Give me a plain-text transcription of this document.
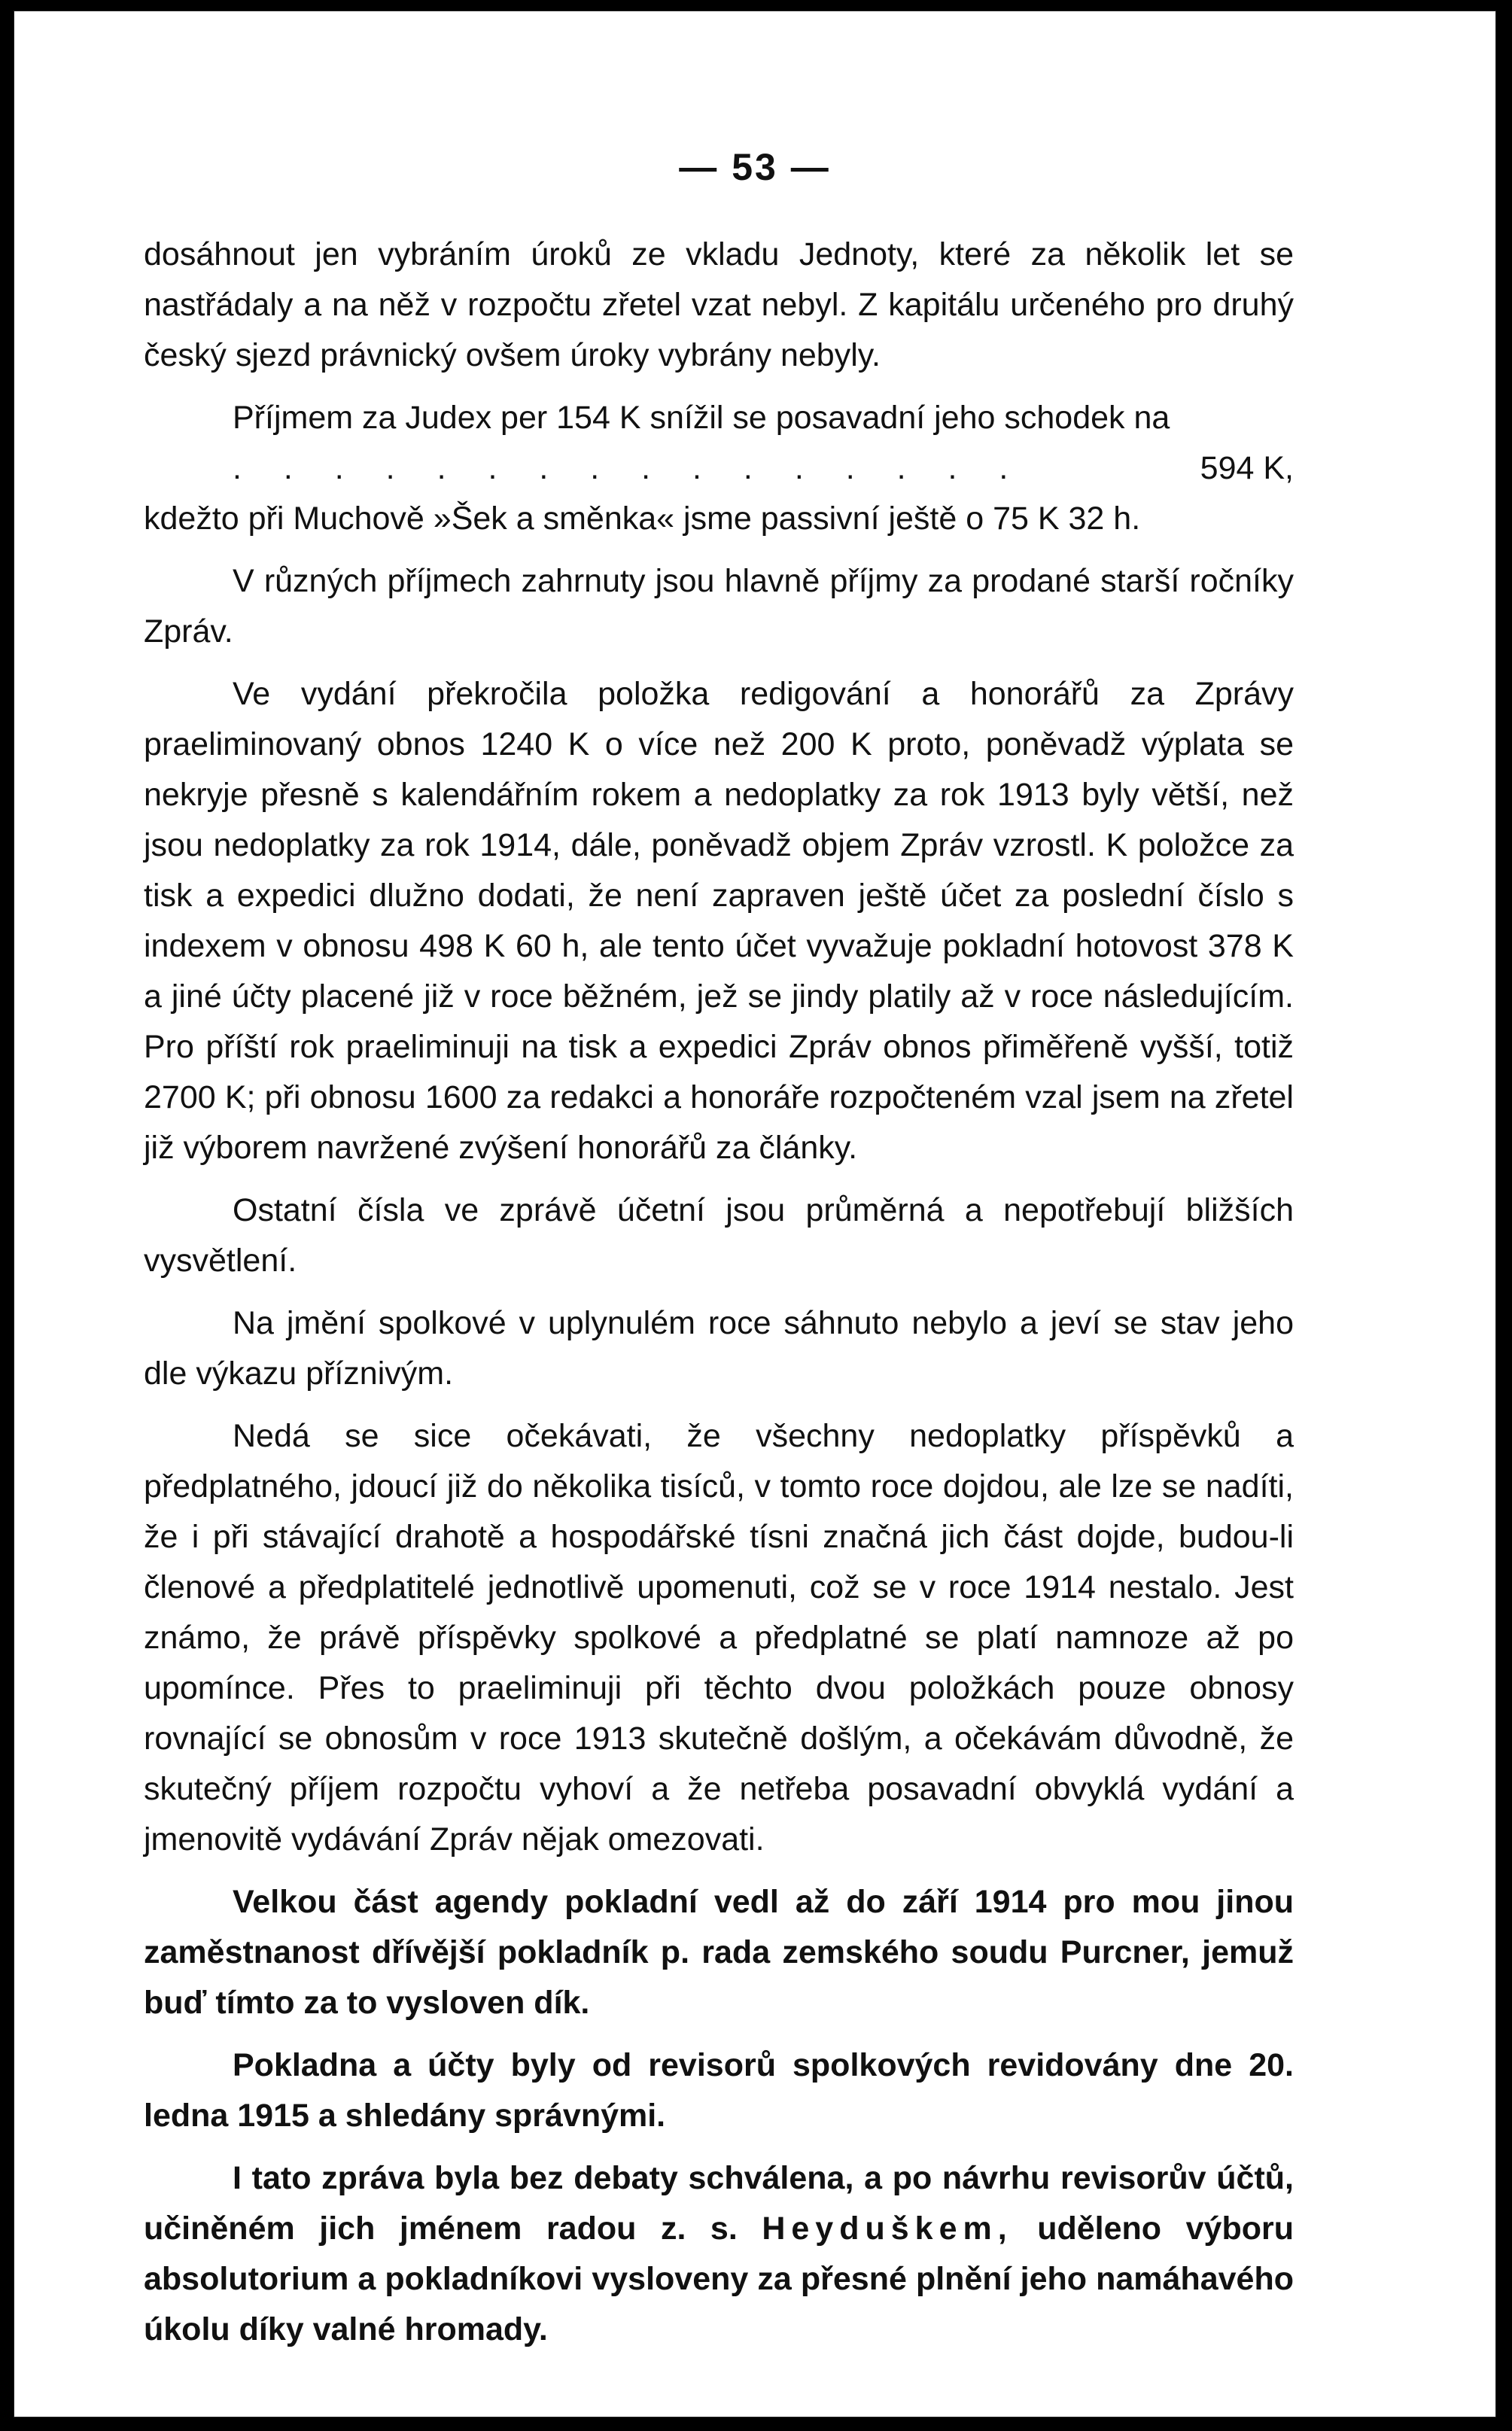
— 53 —

dosáhnout jen vybráním úroků ze vkladu Jednoty, které za několik let se nastřádaly a na něž v rozpočtu zřetel vzat nebyl. Z kapitálu určeného pro druhý český sjezd právnický ovšem úroky vybrány nebyly.

Příjmem za Judex per 154 K snížil se posavadní jeho schodek na
. . . . . . . . . . . . . . . .	594 K,
kdežto při Muchově »Šek a směnka« jsme passivní ještě o 75 K 32 h.

V různých příjmech zahrnuty jsou hlavně příjmy za prodané starší ročníky Zpráv.

Ve vydání překročila položka redigování a honorářů za Zprávy praeliminovaný obnos 1240 K o více než 200 K proto, poněvadž výplata se nekryje přesně s kalendářním rokem a nedoplatky za rok 1913 byly větší, než jsou nedoplatky za rok 1914, dále, poněvadž objem Zpráv vzrostl. K položce za tisk a expedici dlužno dodati, že není zapraven ještě účet za poslední číslo s indexem v obnosu 498 K 60 h, ale tento účet vyvažuje pokladní hotovost 378 K a jiné účty placené již v roce běžném, jež se jindy platily až v roce následujícím. Pro příští rok praeliminuji na tisk a expedici Zpráv obnos přiměřeně vyšší, totiž 2700 K; při obnosu 1600 za redakci a honoráře rozpočteném vzal jsem na zřetel již výborem navržené zvýšení honorářů za články.

Ostatní čísla ve zprávě účetní jsou průměrná a nepotřebují bližších vysvětlení.

Na jmění spolkové v uplynulém roce sáhnuto nebylo a jeví se stav jeho dle výkazu příznivým.

Nedá se sice očekávati, že všechny nedoplatky příspěvků a předplatného, jdoucí již do několika tisíců, v tomto roce dojdou, ale lze se nadíti, že i při stávající drahotě a hospodářské tísni značná jich část dojde, budou-li členové a předplatitelé jednotlivě upomenuti, což se v roce 1914 nestalo. Jest známo, že právě příspěvky spolkové a předplatné se platí namnoze až po upomínce. Přes to praeliminuji při těchto dvou položkách pouze obnosy rovnající se obnosům v roce 1913 skutečně došlým, a očekávám důvodně, že skutečný příjem rozpočtu vyhoví a že netřeba posavadní obvyklá vydání a jmenovitě vydávání Zpráv nějak omezovati.

Velkou část agendy pokladní vedl až do září 1914 pro mou jinou zaměstnanost dřívější pokladník p. rada zemského soudu Purcner, jemuž buď tímto za to vysloven dík.

Pokladna a účty byly od revisorů spolkových revidovány dne 20. ledna 1915 a shledány správnými.

I tato zpráva byla bez debaty schválena, a po návrhu revisorův účtů, učiněném jich jménem radou z. s. Heyduškem, uděleno výboru absolutorium a pokladníkovi vysloveny za přesné plnění jeho namáhavého úkolu díky valné hromady.
